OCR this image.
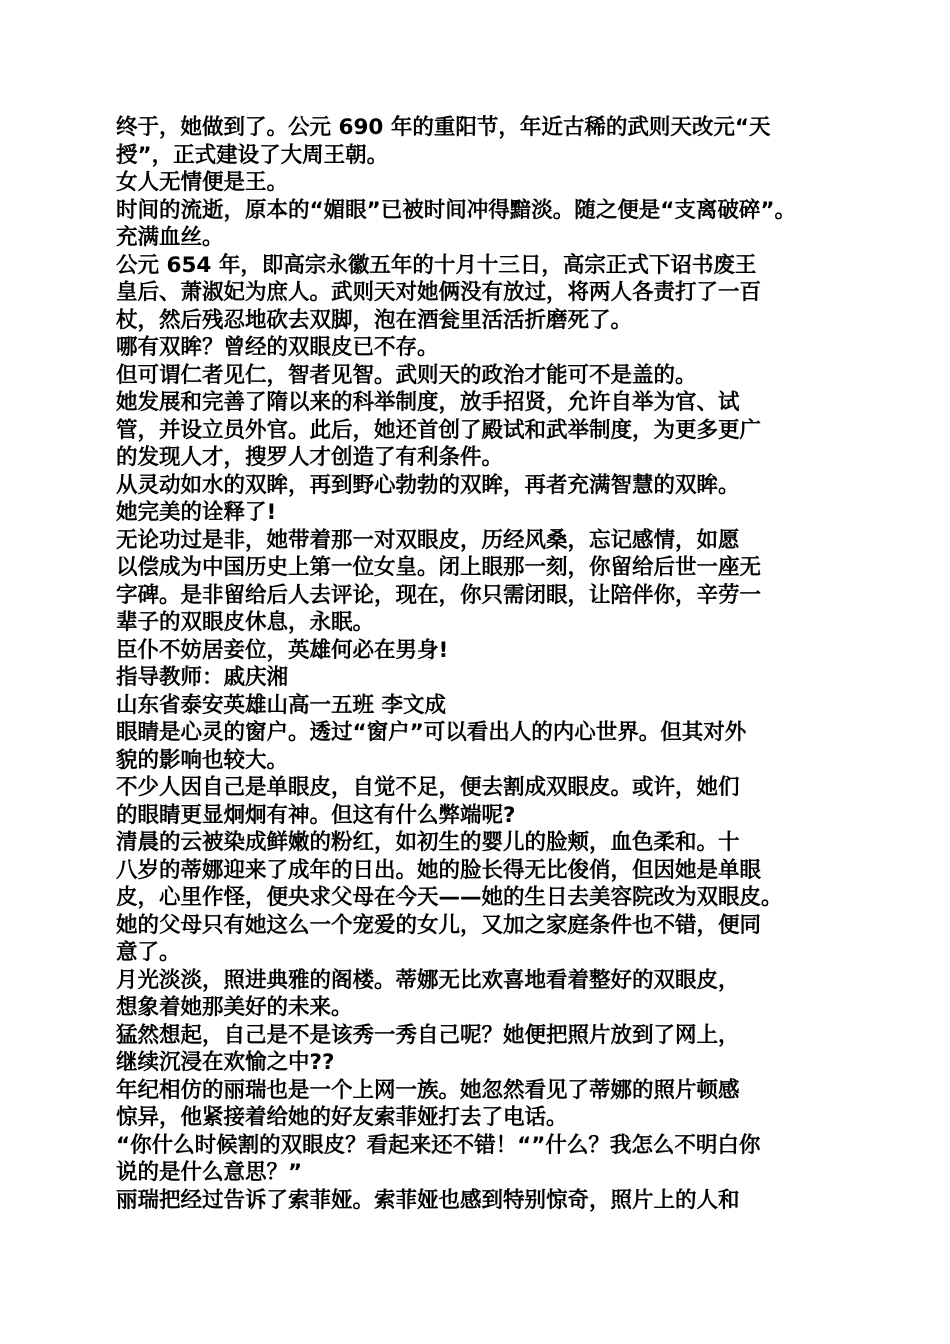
终于，她做到了。公元 690 年的重阳节，年近古稀的武则天改元“天
授”，正式建设了大周王朝。
女人无情便是王。
时间的流逝，原本的“媚眼”已被时间冲得黯淡。随之便是“支离破碎”。
充满血丝。
公元 654 年，即高宗永徽五年的十月十三日，高宗正式下诏书废王
皇后、萧淑妃为庶人。武则天对她俩没有放过，将两人各责打了一百
杖，然后残忍地砍去双脚，泡在酒瓮里活活折磨死了。
哪有双眸？曾经的双眼皮已不存。
但可谓仁者见仁，智者见智。武则天的政治才能可不是盖的。
她发展和完善了隋以来的科举制度，放手招贤，允许自举为官、试
管，并设立员外官。此后，她还首创了殿试和武举制度，为更多更广
的发现人才，搜罗人才创造了有利条件。
从灵动如水的双眸，再到野心勃勃的双眸，再者充满智慧的双眸。
她完美的诠释了!
无论功过是非，她带着那一对双眼皮，历经风桑，忘记感情，如愿
以偿成为中国历史上第一位女皇。闭上眼那一刻，你留给后世一座无
字碑。是非留给后人去评论，现在，你只需闭眼，让陪伴你，辛劳一
辈子的双眼皮休息，永眠。
臣仆不妨居妾位，英雄何必在男身!
指导教师：戚庆湘
山东省泰安英雄山高一五班 李文成
眼睛是心灵的窗户。透过“窗户”可以看出人的内心世界。但其对外
貌的影响也较大。
不少人因自己是单眼皮，自觉不足，便去割成双眼皮。或许，她们
的眼睛更显炯炯有神。但这有什么弊端呢?
清晨的云被染成鲜嫩的粉红，如初生的婴儿的脸颊，血色柔和。十
八岁的蒂娜迎来了成年的日出。她的脸长得无比俊俏，但因她是单眼
皮，心里作怪，便央求父母在今天——她的生日去美容院改为双眼皮。
她的父母只有她这么一个宠爱的女儿，又加之家庭条件也不错，便同
意了。
月光淡淡，照进典雅的阁楼。蒂娜无比欢喜地看着整好的双眼皮，
想象着她那美好的未来。
猛然想起，自己是不是该秀一秀自己呢？她便把照片放到了网上，
继续沉浸在欢愉之中??
年纪相仿的丽瑞也是一个上网一族。她忽然看见了蒂娜的照片顿感
惊异，他紧接着给她的好友索菲娅打去了电话。
“你什么时候割的双眼皮？看起来还不错！“”什么？我怎么不明白你
说的是什么意思？”
丽瑞把经过告诉了索菲娅。索菲娅也感到特别惊奇，照片上的人和
